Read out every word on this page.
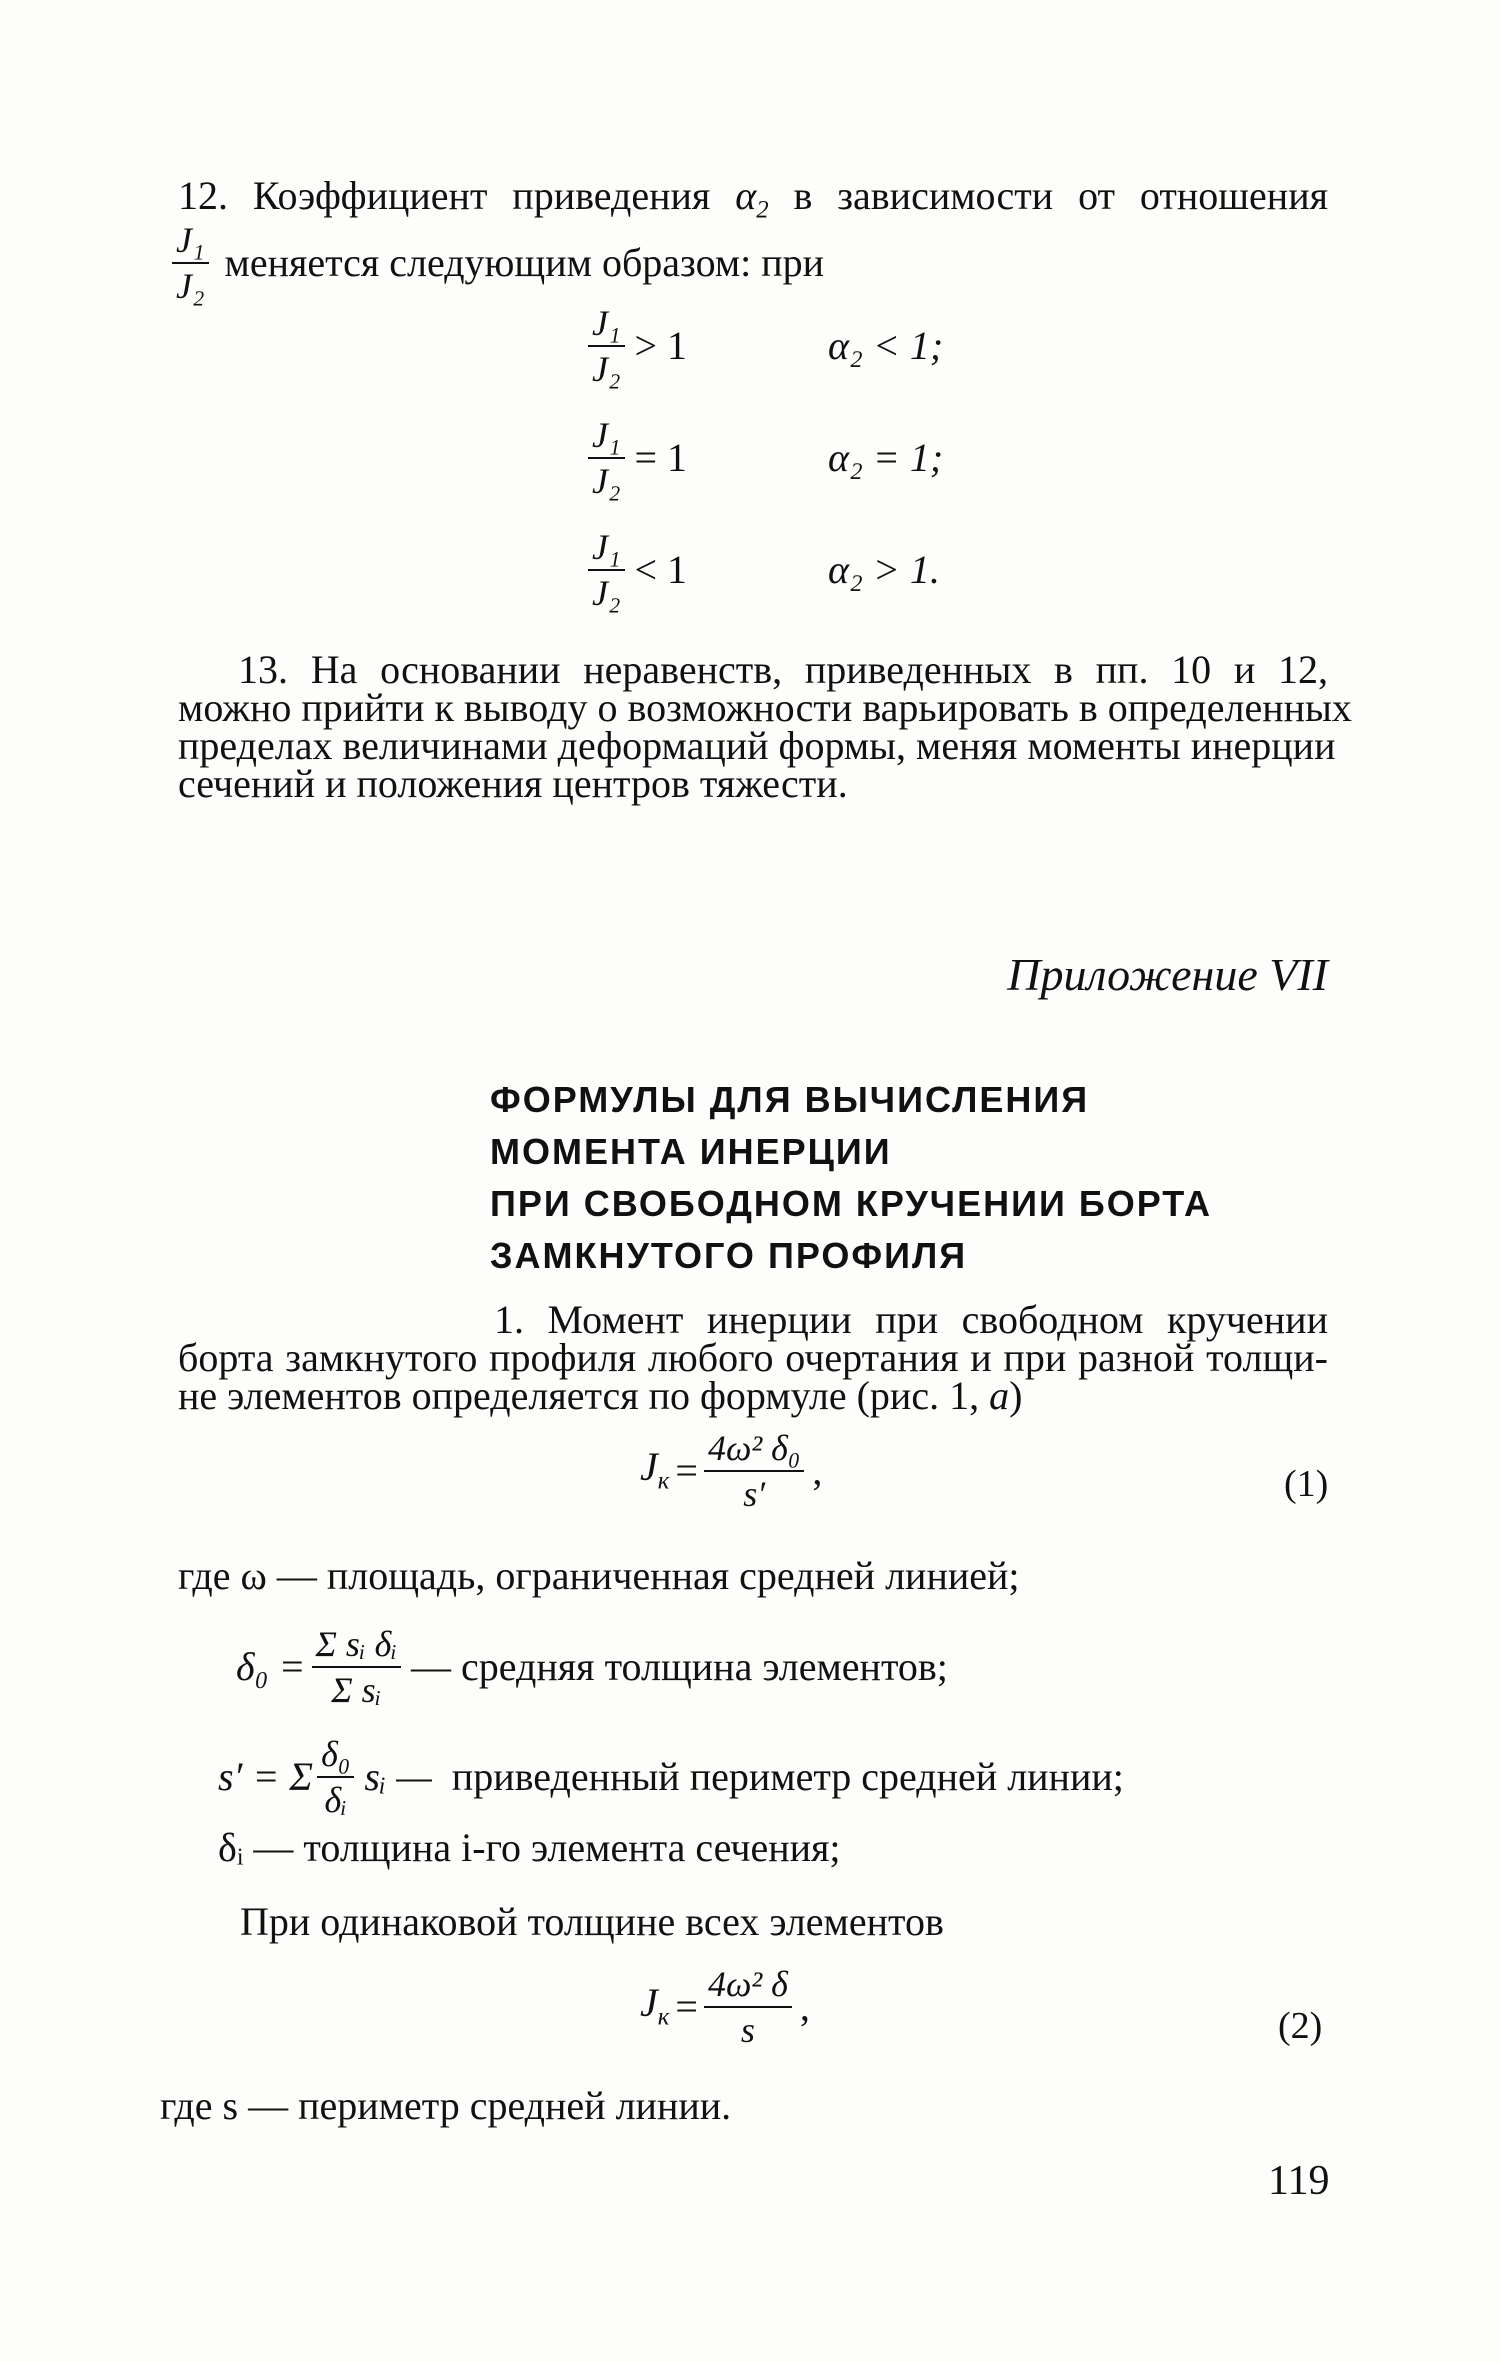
12. Коэффициент приведения $\alpha_2$ в зависимости от отношения
$\frac{\text{J₁}}{\text{J₂}}$ меняется следующим образом: при
$\frac{\text{J₁}}{\text{J₂}} > 1$	α₂ < 1;
$\frac{\text{J₁}}{\text{J₂}} = 1$	α₂ = 1;
$\frac{\text{J₁}}{\text{J₂}} < 1$	α₂ > 1.
13. На основании неравенств, приведенных в пп. 10 и 12,
можно прийти к выводу о возможности варьировать в определенных
пределах величинами деформаций формы, меняя моменты инерции
сечений и положения центров тяжести.
Приложение VII
ФОРМУЛЫ ДЛЯ ВЫЧИСЛЕНИЯ
МОМЕНТА ИНЕРЦИИ
ПРИ СВОБОДНОМ КРУЧЕНИИ БОРТА
ЗАМКНУТОГО ПРОФИЛЯ
1. Момент инерции при свободном кручении
борта замкнутого профиля любого очертания и при разной толщи-
не элементов определяется по формуле (рис. 1, а)
$J_к = \frac{\text{4ω² δ₀}}{s'}$ ,	(1)
где ω — площадь, ограниченная средней линией;
$\delta_0 = \frac{\text{Σ sᵢ δᵢ}}{\text{Σ sᵢ}}$ — средняя толщина элементов;
s′ = Σ $\frac{\text{δ₀}}{\text{δᵢ}}$ sᵢ — приведенный периметр средней линии;
δᵢ — толщина i-го элемента сечения;
При одинаковой толщине всех элементов
$J_к = \frac{\text{4ω² δ}}{s}$ ,	(2)
где s — периметр средней линии.
119
